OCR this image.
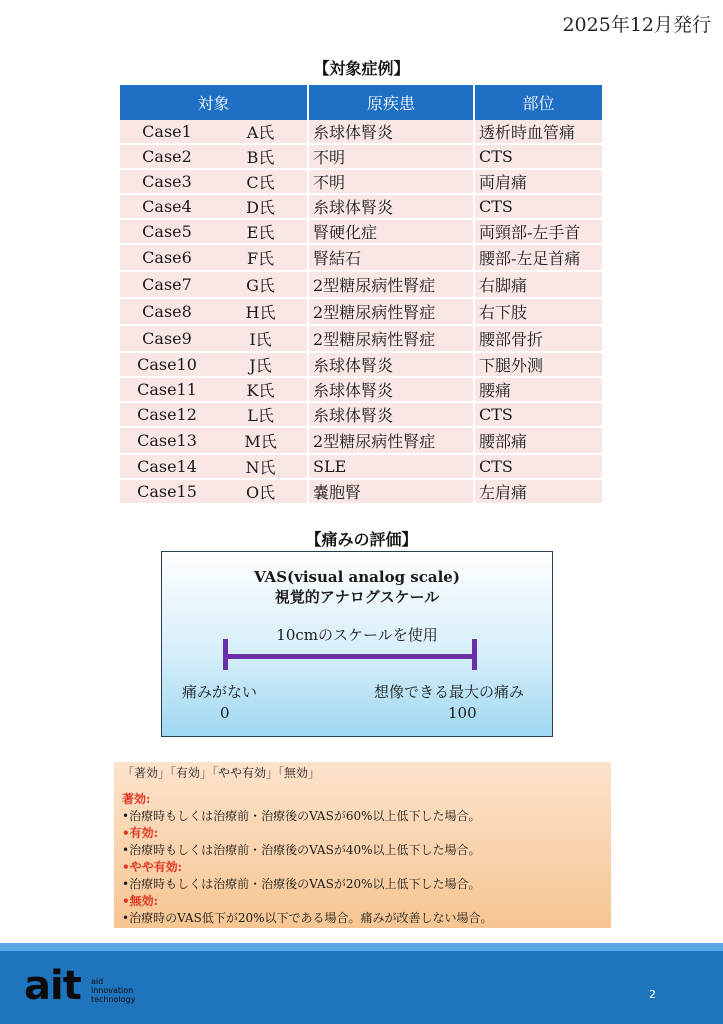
2025年12月発行
【対象症例】
対象		原疾患	部位
Case1	A氏	糸球体腎炎	透析時血管痛
Case2	B氏	不明	CTS
Case3	C氏	不明	両肩痛
Case4	D氏	糸球体腎炎	CTS
Case5	E氏	腎硬化症	両頸部-左手首
Case6	F氏	腎結石	腰部-左足首痛
Case7	G氏	2型糖尿病性腎症	右脚痛
Case8	H氏	2型糖尿病性腎症	右下肢
Case9	I氏	2型糖尿病性腎症	腰部骨折
Case10	J氏	糸球体腎炎	下腿外测
Case11	K氏	糸球体腎炎	腰痛
Case12	L氏	糸球体腎炎	CTS
Case13	M氏	2型糖尿病性腎症	腰部痛
Case14	N氏	SLE	CTS
Case15	O氏	嚢胞腎	左肩痛
【痛みの評価】
VAS(visual analog scale)
視覚的アナログスケール
10cmのスケールを使用
痛みがない
0
想像できる最大の痛み
100
「著効」「有効」「やや有効」「無効」
著効:
•治療時もしくは治療前・治療後のVASが60%以上低下した場合。
•有効:
•治療時もしくは治療前・治療後のVASが40%以上低下した場合。
•やや有効:
•治療時もしくは治療前・治療後のVASが20%以上低下した場合。
•無効:
•治療時のVAS低下が20%以下である場合。痛みが改善しない場合。
ait aid
innovation
technology	2
